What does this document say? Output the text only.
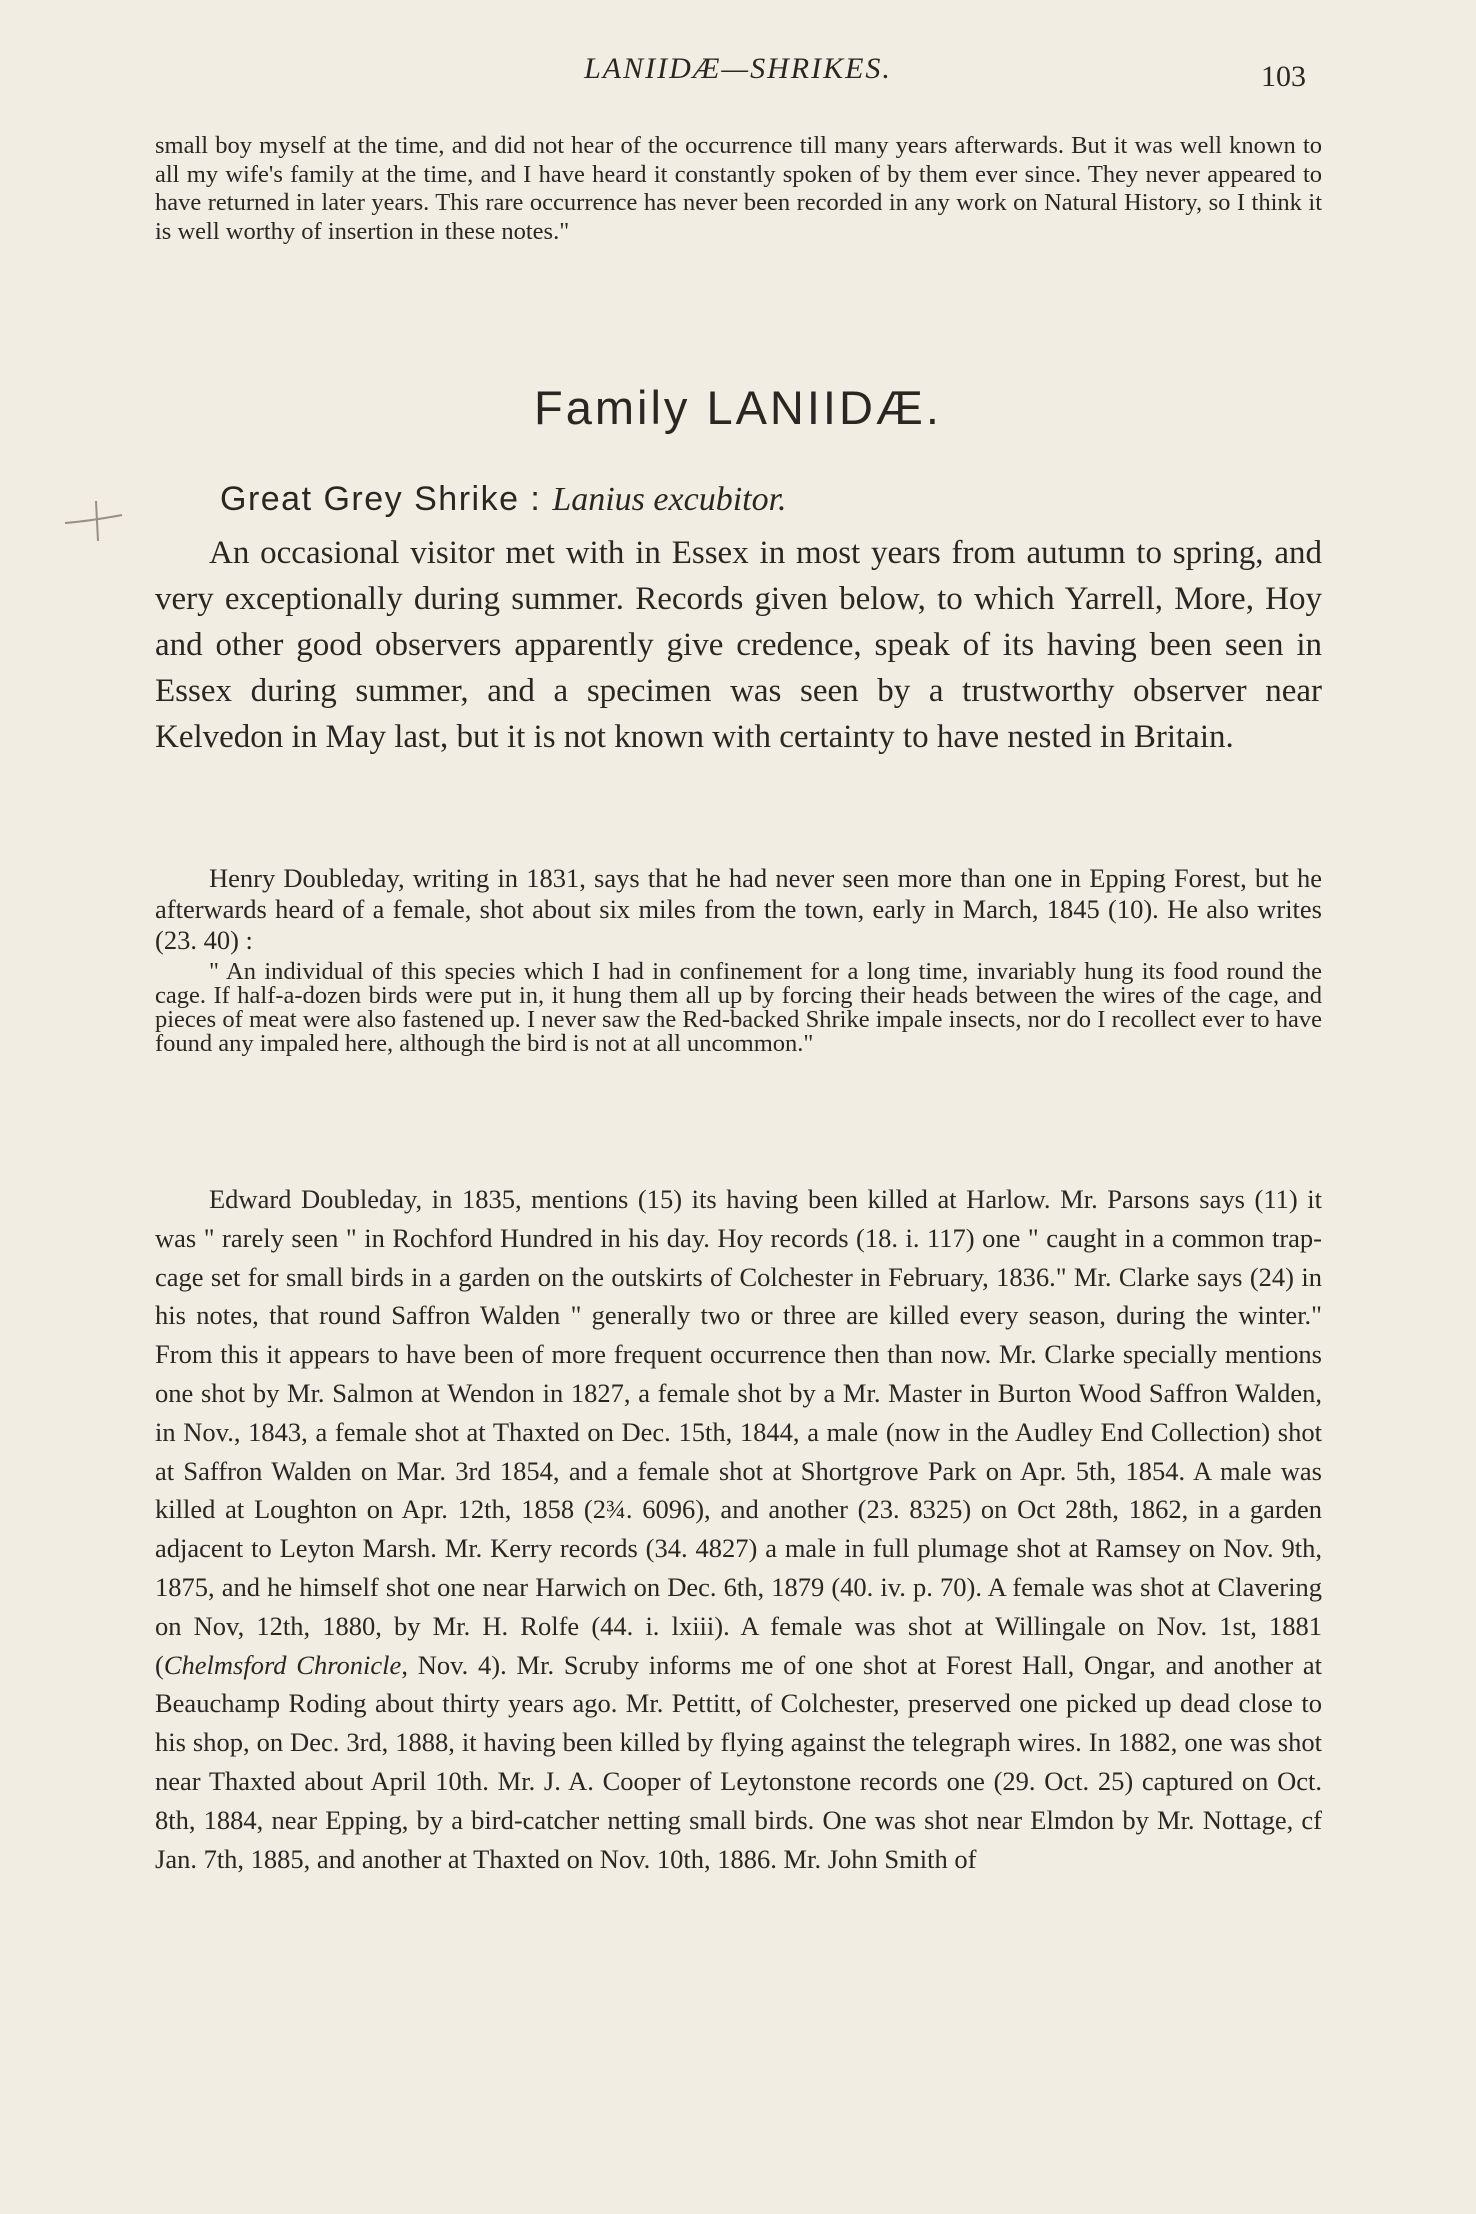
LANIIDÆ—SHRIKES.	103

small boy myself at the time, and did not hear of the occurrence till many years afterwards. But it was well known to all my wife's family at the time, and I have heard it constantly spoken of by them ever since. They never appeared to have returned in later years. This rare occurrence has never been recorded in any work on Natural History, so I think it is well worthy of insertion in these notes."

Family LANIIDÆ.
Great Grey Shrike : Lanius excubitor.

An occasional visitor met with in Essex in most years from autumn to spring, and very exceptionally during summer. Records given below, to which Yarrell, More, Hoy and other good observers apparently give credence, speak of its having been seen in Essex during summer, and a specimen was seen by a trustworthy observer near Kelvedon in May last, but it is not known with certainty to have nested in Britain.

Henry Doubleday, writing in 1831, says that he had never seen more than one in Epping Forest, but he afterwards heard of a female, shot about six miles from the town, early in March, 1845 (10). He also writes (23. 40) :

" An individual of this species which I had in confinement for a long time, invariably hung its food round the cage. If half-a-dozen birds were put in, it hung them all up by forcing their heads between the wires of the cage, and pieces of meat were also fastened up. I never saw the Red-backed Shrike impale insects, nor do I recollect ever to have found any impaled here, although the bird is not at all uncommon."

Edward Doubleday, in 1835, mentions (15) its having been killed at Harlow. Mr. Parsons says (11) it was " rarely seen " in Rochford Hundred in his day. Hoy records (18. i. 117) one " caught in a common trap-cage set for small birds in a garden on the outskirts of Colchester in February, 1836." Mr. Clarke says (24) in his notes, that round Saffron Walden " generally two or three are killed every season, during the winter." From this it appears to have been of more frequent occurrence then than now. Mr. Clarke specially mentions one shot by Mr. Salmon at Wendon in 1827, a female shot by a Mr. Master in Burton Wood Saffron Walden, in Nov., 1843, a female shot at Thaxted on Dec. 15th, 1844, a male (now in the Audley End Collection) shot at Saffron Walden on Mar. 3rd 1854, and a female shot at Shortgrove Park on Apr. 5th, 1854. A male was killed at Loughton on Apr. 12th, 1858 (2¾. 6096), and another (23. 8325) on Oct 28th, 1862, in a garden adjacent to Leyton Marsh. Mr. Kerry records (34. 4827) a male in full plumage shot at Ramsey on Nov. 9th, 1875, and he himself shot one near Harwich on Dec. 6th, 1879 (40. iv. p. 70). A female was shot at Clavering on Nov, 12th, 1880, by Mr. H. Rolfe (44. i. lxiii). A female was shot at Willingale on Nov. 1st, 1881 (Chelmsford Chronicle, Nov. 4). Mr. Scruby informs me of one shot at Forest Hall, Ongar, and another at Beauchamp Roding about thirty years ago. Mr. Pettitt, of Colchester, preserved one picked up dead close to his shop, on Dec. 3rd, 1888, it having been killed by flying against the telegraph wires. In 1882, one was shot near Thaxted about April 10th. Mr. J. A. Cooper of Leytonstone records one (29. Oct. 25) captured on Oct. 8th, 1884, near Epping, by a bird-catcher netting small birds. One was shot near Elmdon by Mr. Nottage, cf Jan. 7th, 1885, and another at Thaxted on Nov. 10th, 1886. Mr. John Smith of
